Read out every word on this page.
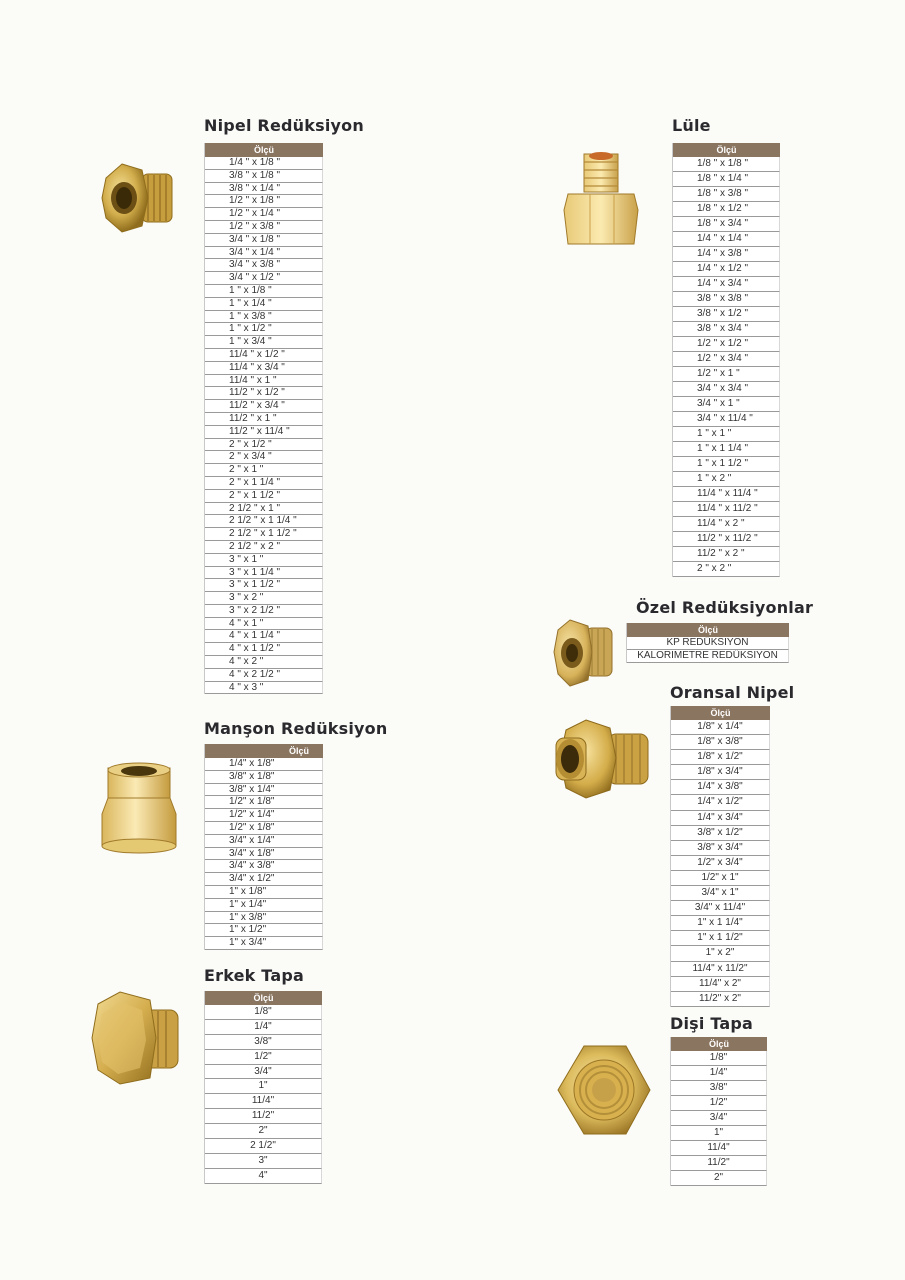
Nipel Redüksiyon
Manşon Redüksiyon
Erkek Tapa
Lüle
Özel Redüksiyonlar
Oransal Nipel
Dişi Tapa
Ölçü
1/4 " x 1/8 "
3/8 " x 1/8 "
3/8 " x 1/4 "
1/2 " x 1/8 "
1/2 " x 1/4 "
1/2 " x 3/8 "
3/4 " x 1/8 "
3/4 " x 1/4 "
3/4 " x 3/8 "
3/4 " x 1/2 "
1 " x 1/8 "
1 " x 1/4 "
1 " x 3/8 "
1 " x 1/2 "
1 " x 3/4 "
11/4 " x 1/2 "
11/4 " x 3/4 "
11/4 " x 1 "
11/2 " x 1/2 "
11/2 " x 3/4 "
11/2 " x 1 "
11/2 " x 11/4 "
2 " x 1/2 "
2 " x 3/4 "
2 " x 1 "
2 " x 1 1/4 "
2 " x 1 1/2 "
2 1/2 " x 1 "
2 1/2 " x 1 1/4 "
2 1/2 " x 1 1/2 "
2 1/2 " x 2 "
3 " x 1 "
3 " x 1 1/4 "
3 " x 1 1/2 "
3 " x 2 "
3 " x 2 1/2 "
4 " x 1 "
4 " x 1 1/4 "
4 " x 1 1/2 "
4 " x 2 "
4 " x 2 1/2 "
4 " x 3 "
Ölçü
1/4" x 1/8"
3/8" x 1/8"
3/8" x 1/4"
1/2" x 1/8"
1/2" x 1/4"
1/2" x 1/8"
3/4" x 1/4"
3/4" x 1/8"
3/4" x 3/8"
3/4" x 1/2"
1" x 1/8"
1" x 1/4"
1" x 3/8"
1" x 1/2"
1" x 3/4"
Ölçü
1/8"
1/4"
3/8"
1/2"
3/4"
1"
11/4"
11/2"
2"
2 1/2"
3"
4"
Ölçü
1/8 " x 1/8 "
1/8 " x 1/4 "
1/8 " x 3/8 "
1/8 " x 1/2 "
1/8 " x 3/4 "
1/4 " x 1/4 "
1/4 " x 3/8 "
1/4 " x 1/2 "
1/4 " x 3/4 "
3/8 " x 3/8 "
3/8 " x 1/2 "
3/8 " x 3/4 "
1/2 " x 1/2 "
1/2 " x 3/4 "
1/2 " x 1 "
3/4 " x 3/4 "
3/4 " x 1 "
3/4 " x 11/4 "
1 " x 1 "
1 " x 1 1/4 "
1 " x 1 1/2 "
1 " x 2 "
11/4 " x 11/4 "
11/4 " x 11/2 "
11/4 " x 2 "
11/2 " x 11/2 "
11/2 " x 2 "
2 " x 2 "
Ölçü
KP REDÜKSİYON
KALORİMETRE REDÜKSİYON
Ölçü
1/8" x 1/4"
1/8" x 3/8"
1/8" x 1/2"
1/8" x 3/4"
1/4" x 3/8"
1/4" x 1/2"
1/4" x 3/4"
3/8" x 1/2"
3/8" x 3/4"
1/2" x 3/4"
1/2" x 1"
3/4" x 1"
3/4" x 11/4"
1" x 1 1/4"
1" x 1 1/2"
1" x 2"
11/4" x 11/2"
11/4" x 2"
11/2" x 2"
Ölçü
1/8"
1/4"
3/8"
1/2"
3/4"
1"
11/4"
11/2"
2"
